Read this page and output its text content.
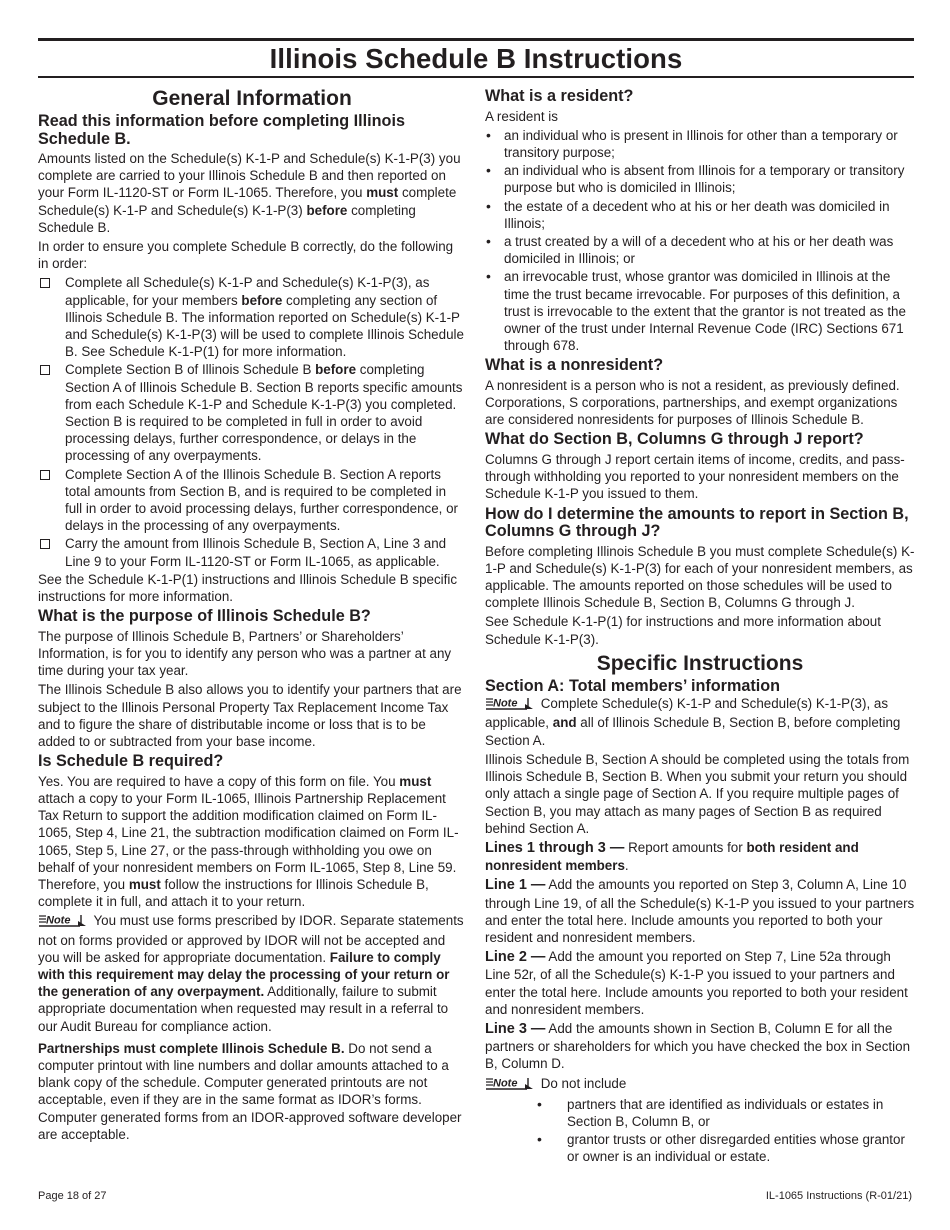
Illinois Schedule B Instructions
General Information
Read this information before completing Illinois Schedule B.

Amounts listed on the Schedule(s) K-1-P and Schedule(s) K-1-P(3) you complete are carried to your Illinois Schedule B and then reported on your Form IL-1120-ST or Form IL-1065. Therefore, you must complete Schedule(s) K-1-P and Schedule(s) K-1-P(3) before completing Schedule B.

In order to ensure you complete Schedule B correctly, do the following in order:

Complete all Schedule(s) K-1-P and Schedule(s) K-1-P(3), as applicable, for your members before completing any section of Illinois Schedule B. The information reported on Schedule(s) K-1-P and Schedule(s) K-1-P(3) will be used to complete Illinois Schedule B. See Schedule K-1-P(1) for more information.
Complete Section B of Illinois Schedule B before completing Section A of Illinois Schedule B. Section B reports specific amounts from each Schedule K-1-P and Schedule K-1-P(3) you completed. Section B is required to be completed in full in order to avoid processing delays, further correspondence, or delays in the processing of any overpayments.
Complete Section A of the Illinois Schedule B. Section A reports total amounts from Section B, and is required to be completed in full in order to avoid processing delays, further correspondence, or delays in the processing of any overpayments.
Carry the amount from Illinois Schedule B, Section A, Line 3 and Line 9 to your Form IL-1120-ST or Form IL-1065, as applicable.

See the Schedule K-1-P(1) instructions and Illinois Schedule B specific instructions for more information.

What is the purpose of Illinois Schedule B?

The purpose of Illinois Schedule B, Partners’ or Shareholders’ Information, is for you to identify any person who was a partner at any time during your tax year.

The Illinois Schedule B also allows you to identify your partners that are subject to the Illinois Personal Property Tax Replacement Income Tax and to figure the share of distributable income or loss that is to be added to or subtracted from your base income.

Is Schedule B required?

Yes. You are required to have a copy of this form on file. You must attach a copy to your Form IL-1065, Illinois Partnership Replacement Tax Return to support the addition modification claimed on Form IL-1065, Step 4, Line 21, the subtraction modification claimed on Form IL-1065, Step 5, Line 27, or the pass-through withholding you owe on behalf of your nonresident members on Form IL-1065, Step 8, Line 59. Therefore, you must follow the instructions for Illinois Schedule B, complete it in full, and attach it to your return.

Note You must use forms prescribed by IDOR. Separate statements not on forms provided or approved by IDOR will not be accepted and you will be asked for appropriate documentation. Failure to comply with this requirement may delay the processing of your return or the generation of any overpayment. Additionally, failure to submit appropriate documentation when requested may result in a referral to our Audit Bureau for compliance action.

Partnerships must complete Illinois Schedule B. Do not send a computer printout with line numbers and dollar amounts attached to a blank copy of the schedule. Computer generated printouts are not acceptable, even if they are in the same format as IDOR’s forms. Computer generated forms from an IDOR-approved software developer are acceptable.

What is a resident?

A resident is

• an individual who is present in Illinois for other than a temporary or transitory purpose;
• an individual who is absent from Illinois for a temporary or transitory purpose but who is domiciled in Illinois;
• the estate of a decedent who at his or her death was domiciled in Illinois;
• a trust created by a will of a decedent who at his or her death was domiciled in Illinois; or
• an irrevocable trust, whose grantor was domiciled in Illinois at the time the trust became irrevocable. For purposes of this definition, a trust is irrevocable to the extent that the grantor is not treated as the owner of the trust under Internal Revenue Code (IRC) Sections 671 through 678.
What is a nonresident?

A nonresident is a person who is not a resident, as previously defined. Corporations, S corporations, partnerships, and exempt organizations are considered nonresidents for purposes of Illinois Schedule B.

What do Section B, Columns G through J report?

Columns G through J report certain items of income, credits, and pass-through withholding you reported to your nonresident members on the Schedule K-1-P you issued to them.

How do I determine the amounts to report in Section B, Columns G through J?

Before completing Illinois Schedule B you must complete Schedule(s) K-1-P and Schedule(s) K-1-P(3) for each of your nonresident members, as applicable. The amounts reported on those schedules will be used to complete Illinois Schedule B, Section B, Columns G through J.

See Schedule K-1-P(1) for instructions and more information about Schedule K-1-P(3).

Specific Instructions
Section A: Total members’ information

Note Complete Schedule(s) K-1-P and Schedule(s) K-1-P(3), as applicable, and all of Illinois Schedule B, Section B, before completing Section A.

Illinois Schedule B, Section A should be completed using the totals from Illinois Schedule B, Section B. When you submit your return you should only attach a single page of Section A. If you require multiple pages of Section B, you may attach as many pages of Section B as required behind Section A.

Lines 1 through 3 — Report amounts for both resident and nonresident members.

Line 1 — Add the amounts you reported on Step 3, Column A, Line 10 through Line 19, of all the Schedule(s) K-1-P you issued to your partners and enter the total here. Include amounts you reported to both your resident and nonresident members.

Line 2 — Add the amount you reported on Step 7, Line 52a through Line 52r, of all the Schedule(s) K-1-P you issued to your partners and enter the total here. Include amounts you reported to both your resident and nonresident members.

Line 3 — Add the amounts shown in Section B, Column E for all the partners or shareholders for which you have checked the box in Section B, Column D.

Note Do not include

• partners that are identified as individuals or estates in Section B, Column B, or
• grantor trusts or other disregarded entities whose grantor or owner is an individual or estate.
Page 18 of 27	IL-1065 Instructions (R-01/21)
